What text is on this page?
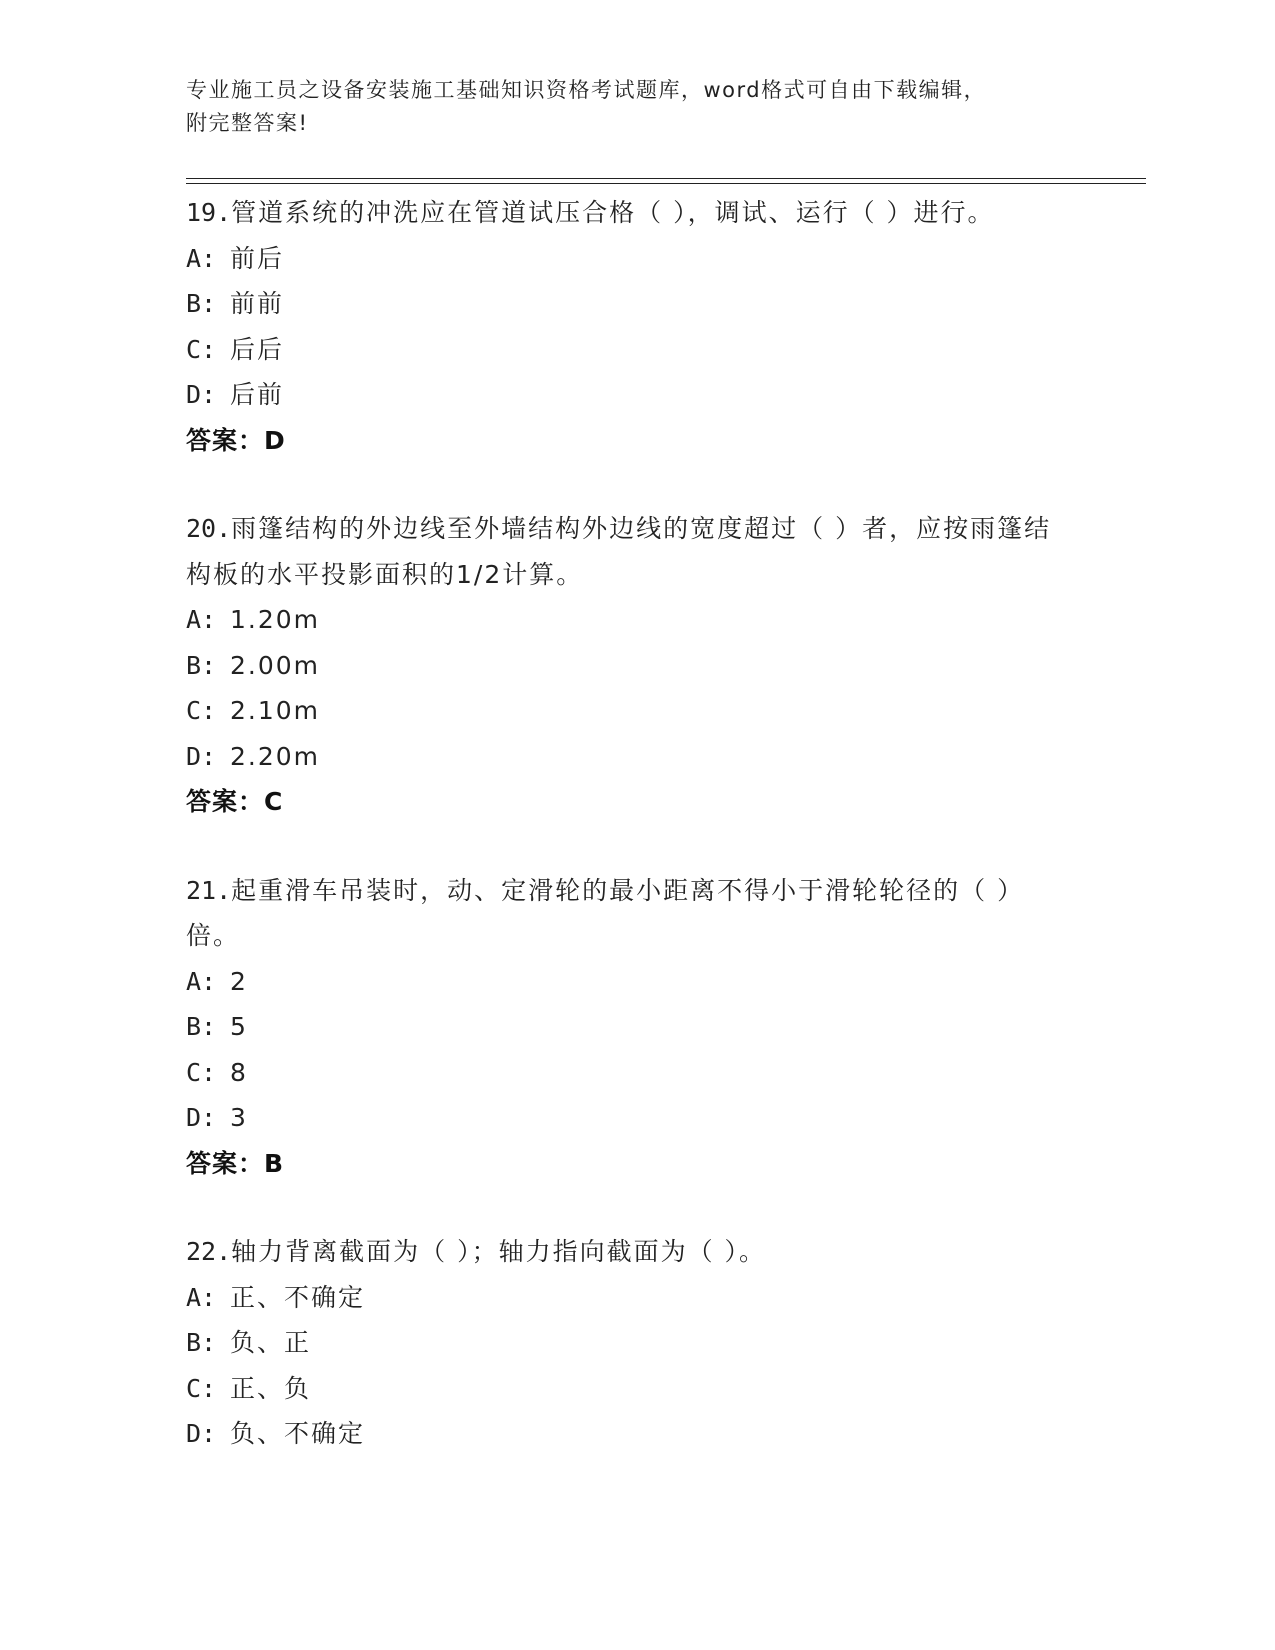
专业施工员之设备安装施工基础知识资格考试题库，word格式可自由下载编辑，
附完整答案!
19.管道系统的冲洗应在管道试压合格（ ），调试、运行（ ）进行。
A: 前后
B: 前前
C: 后后
D: 后前
答案：D
20.雨篷结构的外边线至外墙结构外边线的宽度超过（ ）者，应按雨篷结构板的水平投影面积的1/2计算。
A: 1.20m
B: 2.00m
C: 2.10m
D: 2.20m
答案：C
21.起重滑车吊装时，动、定滑轮的最小距离不得小于滑轮轮径的（ ）倍。
A: 2
B: 5
C: 8
D: 3
答案：B
22.轴力背离截面为（ ）；轴力指向截面为（ ）。
A: 正、不确定
B: 负、正
C: 正、负
D: 负、不确定
